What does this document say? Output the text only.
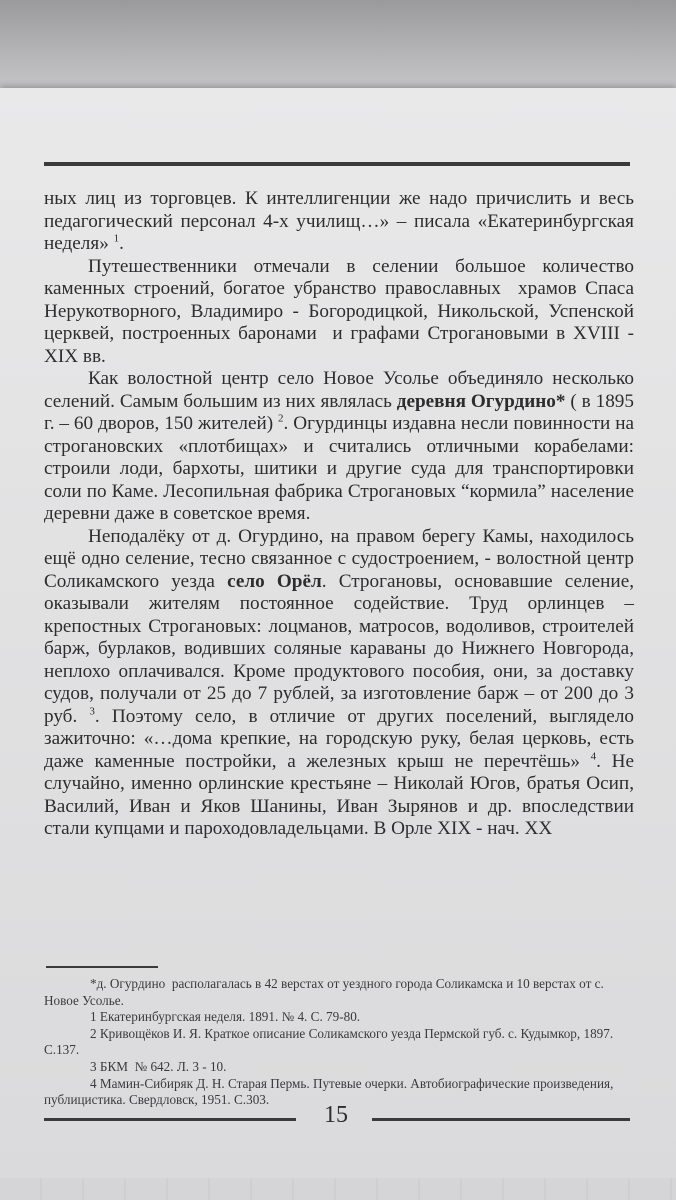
ных лиц из торговцев. К интеллигенции же надо причислить и весь педагогический персонал 4-х училищ…» – писала «Екатеринбургская неделя» $^1$.

Путешественники отмечали в селении большое количество каменных строений, богатое убранство православных  храмов Спаса Нерукотворного, Владимиро - Богородицкой, Никольской, Успенской церквей, построенных баронами  и графами Строгановыми в XVIII - XIX вв.

Как волостной центр село Новое Усолье объединяло несколько селений. Самым большим из них являлась деревня Огурдино* ( в 1895 г. – 60 дворов, 150 жителей) $^2$. Огурдинцы издавна несли повинности на строгановских «плотбищах» и считались отличными корабелами: строили лоди, бархоты, шитики и другие суда для транспортировки соли по Каме. Лесопильная фабрика Строгановых “кормила” население деревни даже в советское время.

Неподалёку от д. Огурдино, на правом берегу Камы, находилось ещё одно селение, тесно связанное с судостроением, - волостной центр Соликамского уезда село Орёл. Строгановы, основавшие селение, оказывали жителям постоянное содействие. Труд орлинцев – крепостных Строгановых: лоцманов, матросов, водоливов, строителей барж, бурлаков, водивших соляные караваны до Нижнего Новгорода, неплохо оплачивался. Кроме продуктового пособия, они, за доставку судов, получали от 25 до 7 рублей, за изготовление барж – от 200 до 3 руб. $^3$. Поэтому село, в отличие от других поселений, выглядело зажиточно: «…дома крепкие, на городскую руку, белая церковь, есть даже каменные постройки, а железных крыш не перечтёшь» $^4$. Не случайно, именно орлинские крестьяне – Николай Югов, братья Осип, Василий, Иван и Яков Шанины, Иван Зырянов и др. впоследствии стали купцами и пароходовладельцами. В Орле XIX - нач. XX

*д. Огурдино  располагалась в 42 верстах от уездного города Соликамска и 10 верстах от с. Новое Усолье.

1 Екатеринбургская неделя. 1891. № 4. С. 79-80.

2 Кривощёков И. Я. Краткое описание Соликамского уезда Пермской губ. с. Кудымкор, 1897. С.137.

3 БКМ  № 642. Л. 3 - 10.

4 Мамин-Сибиряк Д. Н. Старая Пермь. Путевые очерки. Автобиографические произведения, публицистика. Свердловск, 1951. С.303.

15
